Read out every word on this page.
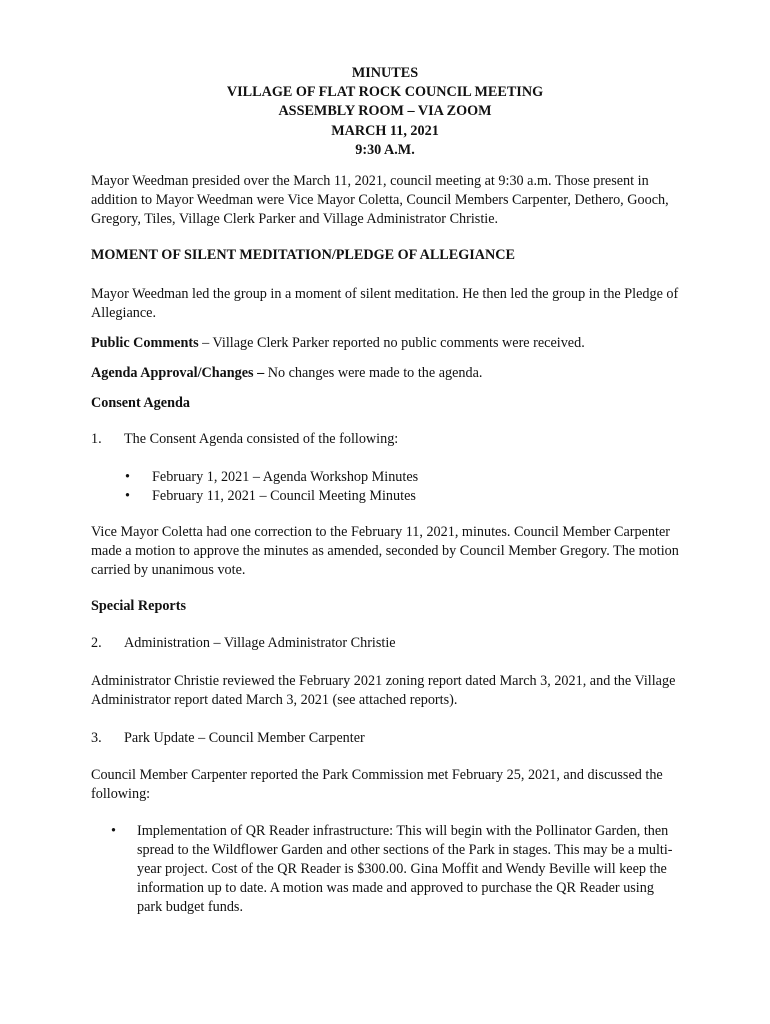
MINUTES
VILLAGE OF FLAT ROCK COUNCIL MEETING
ASSEMBLY ROOM – VIA ZOOM
MARCH 11, 2021
9:30 A.M.
Mayor Weedman presided over the March 11, 2021, council meeting at 9:30 a.m. Those present in addition to Mayor Weedman were Vice Mayor Coletta, Council Members Carpenter, Dethero, Gooch, Gregory, Tiles, Village Clerk Parker and Village Administrator Christie.
MOMENT OF SILENT MEDITATION/PLEDGE OF ALLEGIANCE
Mayor Weedman led the group in a moment of silent meditation. He then led the group in the Pledge of Allegiance.
Public Comments – Village Clerk Parker reported no public comments were received.
Agenda Approval/Changes – No changes were made to the agenda.
Consent Agenda
1. The Consent Agenda consisted of the following:
• February 1, 2021 – Agenda Workshop Minutes
• February 11, 2021 – Council Meeting Minutes
Vice Mayor Coletta had one correction to the February 11, 2021, minutes. Council Member Carpenter made a motion to approve the minutes as amended, seconded by Council Member Gregory. The motion carried by unanimous vote.
Special Reports
2. Administration – Village Administrator Christie
Administrator Christie reviewed the February 2021 zoning report dated March 3, 2021, and the Village Administrator report dated March 3, 2021 (see attached reports).
3. Park Update – Council Member Carpenter
Council Member Carpenter reported the Park Commission met February 25, 2021, and discussed the following:
• Implementation of QR Reader infrastructure: This will begin with the Pollinator Garden, then spread to the Wildflower Garden and other sections of the Park in stages. This may be a multi-year project. Cost of the QR Reader is $300.00. Gina Moffit and Wendy Beville will keep the information up to date. A motion was made and approved to purchase the QR Reader using park budget funds.
